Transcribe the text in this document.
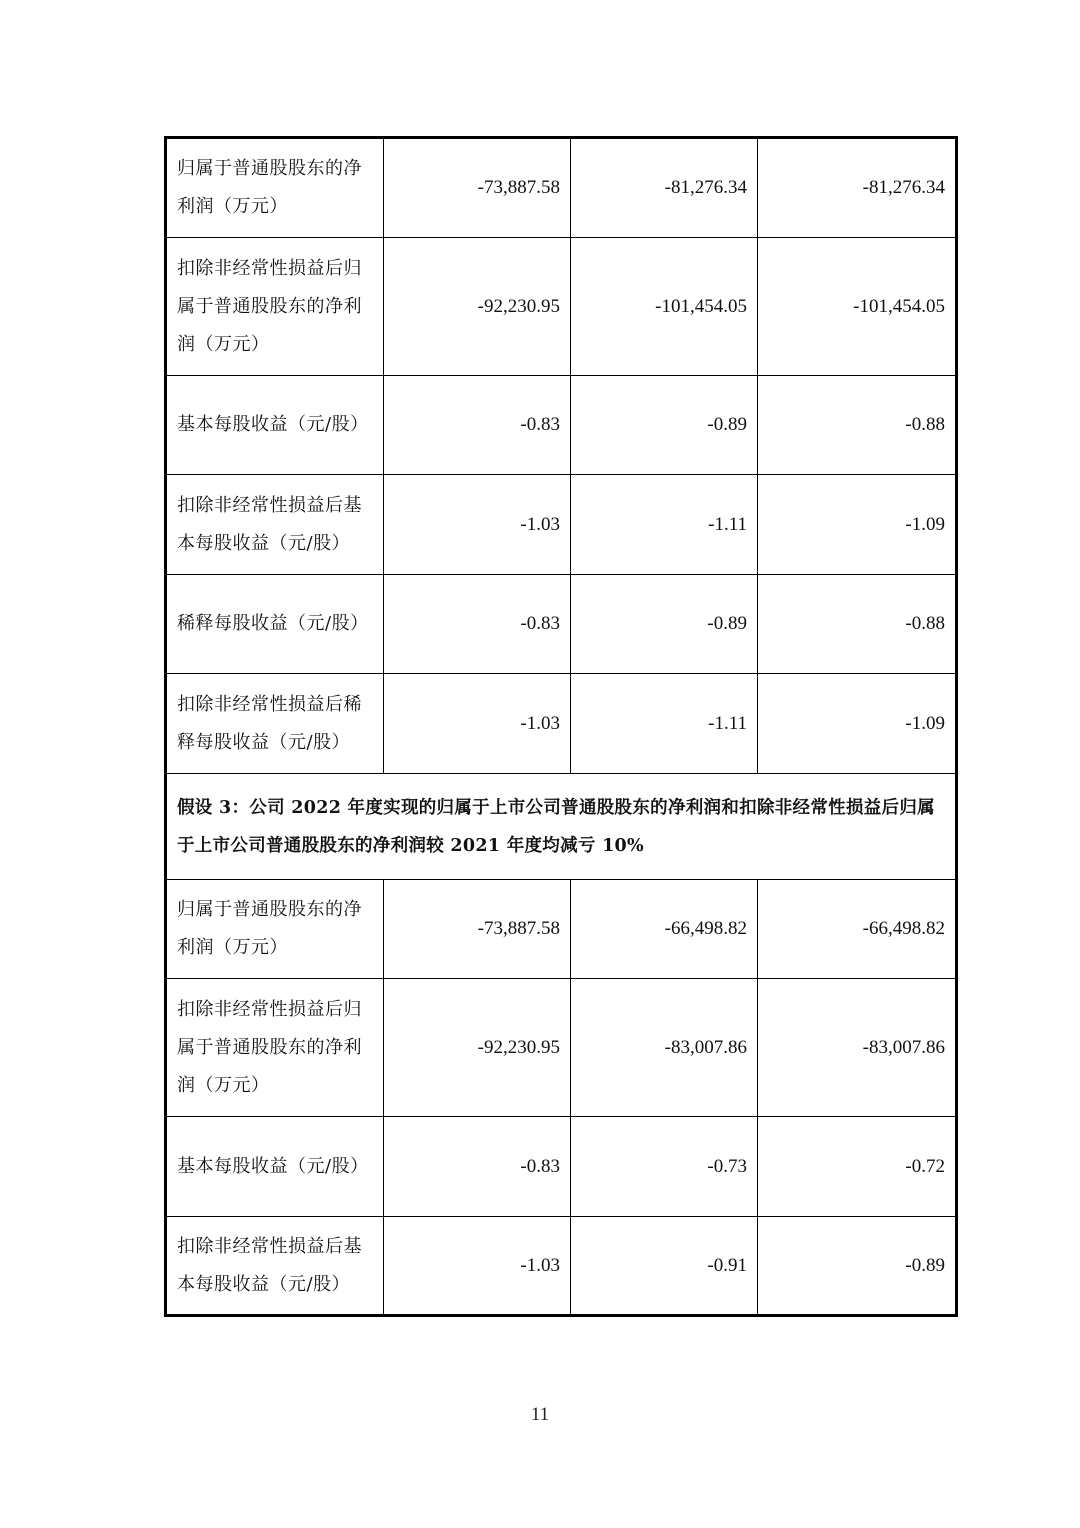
归属于普通股股东的净利润（万元）	-73,887.58	-81,276.34	-81,276.34
扣除非经常性损益后归属于普通股股东的净利润（万元）	-92,230.95	-101,454.05	-101,454.05
基本每股收益（元/股）	-0.83	-0.89	-0.88
扣除非经常性损益后基本每股收益（元/股）	-1.03	-1.11	-1.09
稀释每股收益（元/股）	-0.83	-0.89	-0.88
扣除非经常性损益后稀释每股收益（元/股）	-1.03	-1.11	-1.09
假设 3：公司 2022 年度实现的归属于上市公司普通股股东的净利润和扣除非经常性损益后归属于上市公司普通股股东的净利润较 2021 年度均减亏 10%			
归属于普通股股东的净利润（万元）	-73,887.58	-66,498.82	-66,498.82
扣除非经常性损益后归属于普通股股东的净利润（万元）	-92,230.95	-83,007.86	-83,007.86
基本每股收益（元/股）	-0.83	-0.73	-0.72
扣除非经常性损益后基本每股收益（元/股）	-1.03	-0.91	-0.89
11
